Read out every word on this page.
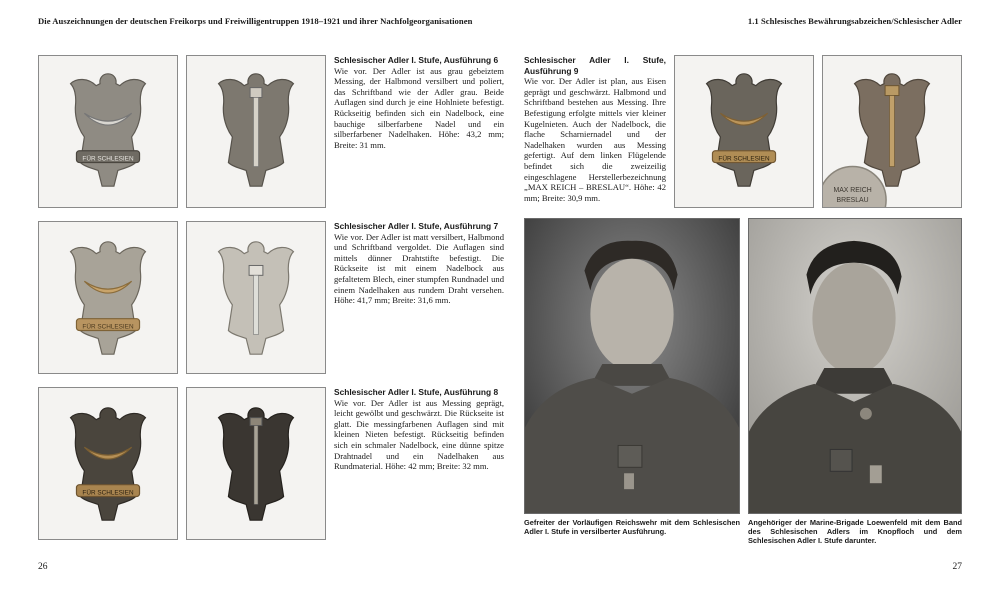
Die Auszeichnungen der deutschen Freikorps und Freiwilligentruppen 1918–1921 und ihrer Nachfolgeorganisationen	1.1 Schlesisches Bewährungsabzeichen/Schlesischer Adler
FÜR SCHLESIEN
Schlesischer Adler I. Stufe, Ausführung 6
Wie vor. Der Adler ist aus grau gebeiztem Messing, der Halbmond versilbert und poliert, das Schriftband wie der Adler grau. Beide Auflagen sind durch je eine Hohlniete befestigt. Rückseitig befinden sich ein Nadelbock, eine bauchige silberfarbene Nadel und ein silberfarbener Nadelhaken. Höhe: 43,2 mm; Breite: 31 mm.
FÜR SCHLESIEN
Schlesischer Adler I. Stufe, Ausführung 7
Wie vor. Der Adler ist matt versilbert, Halbmond und Schriftband vergoldet. Die Auflagen sind mittels dünner Drahtstifte befestigt. Die Rückseite ist mit einem Nadelbock aus gefaltetem Blech, einer stumpfen Rundnadel und einem Nadelhaken aus rundem Draht versehen. Höhe: 41,7 mm; Breite: 31,6 mm.
FÜR SCHLESIEN
Schlesischer Adler I. Stufe, Ausführung 8
Wie vor. Der Adler ist aus Messing geprägt, leicht gewölbt und geschwärzt. Die Rückseite ist glatt. Die messingfarbenen Auflagen sind mit kleinen Nieten befestigt. Rückseitig befinden sich ein schmaler Nadelbock, eine dünne spitze Drahtnadel und ein Nadelhaken aus Rundmaterial. Höhe: 42 mm; Breite: 32 mm.
Schlesischer Adler I. Stufe, Ausführung 9
Wie vor. Der Adler ist plan, aus Eisen geprägt und geschwärzt. Halbmond und Schriftband bestehen aus Messing. Ihre Befestigung erfolgte mittels vier kleiner Kugelnieten. Auch der Nadelbock, die flache Scharniernadel und der Nadelhaken wurden aus Messing gefertigt. Auf dem linken Flügelende befindet sich die zweizeilig eingeschlagene Herstellerbezeichnung „MAX REICH – BRESLAU“. Höhe: 42 mm; Breite: 30,9 mm.
FÜR SCHLESIEN
MAX REICH
BRESLAU
Gefreiter der Vorläufigen Reichswehr mit dem Schlesischen Adler I. Stufe in versilberter Ausführung.
Angehöriger der Marine-Brigade Loewenfeld mit dem Band des Schlesischen Adlers im Knopfloch und dem Schlesischen Adler I. Stufe darunter.
26	27
